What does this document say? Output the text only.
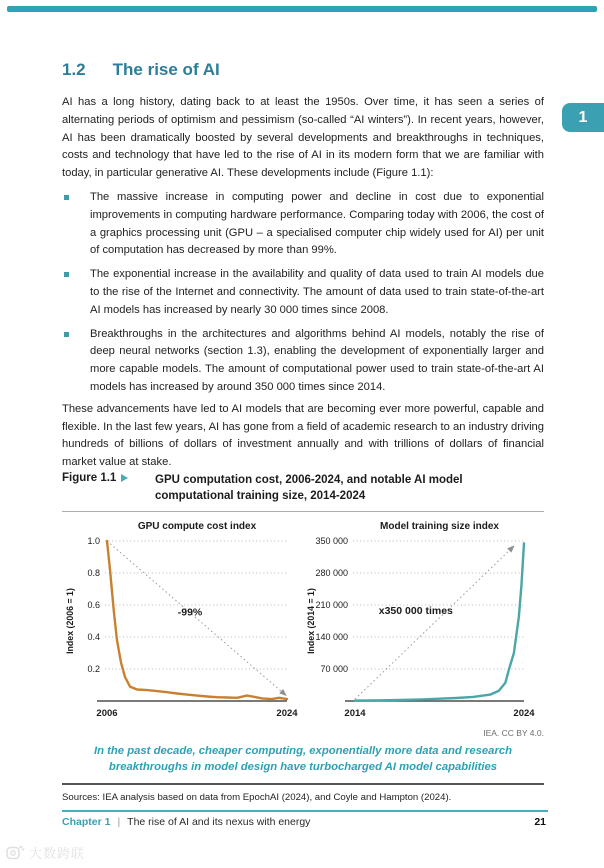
1
1.2 The rise of AI

AI has a long history, dating back to at least the 1950s. Over time, it has seen a series of alternating periods of optimism and pessimism (so-called “AI winters”). In recent years, however, AI has been dramatically boosted by several developments and breakthroughs in techniques, costs and technology that have led to the rise of AI in its modern form that we are familiar with today, in particular generative AI. These developments include (Figure 1.1):

The massive increase in computing power and decline in cost due to exponential improvements in computing hardware performance. Comparing today with 2006, the cost of a graphics processing unit (GPU – a specialised computer chip widely used for AI) per unit of computation has decreased by more than 99%.
The exponential increase in the availability and quality of data used to train AI models due to the rise of the Internet and connectivity. The amount of data used to train state-of-the-art AI models has increased by nearly 30 000 times since 2008.
Breakthroughs in the architectures and algorithms behind AI models, notably the rise of deep neural networks (section 1.3), enabling the development of exponentially larger and more capable models. The amount of computational power used to train state-of-the-art AI models has increased by around 350 000 times since 2014.

These advancements have led to AI models that are becoming ever more powerful, capable and flexible. In the last few years, AI has gone from a field of academic research to an industry driving hundreds of billions of dollars of investment annually and with trillions of dollars of financial market value at stake.

Figure 1.1	GPU computation cost, 2006-2024, and notable AI model computational training size, 2014-2024
GPU compute cost index
Index (2006 = 1)
1.0
0.8
0.6
0.4
0.2
2006	2024
-99%
Model training size index
Index (2014 = 1)
350 000
280 000
210 000
140 000
70 000
2014	2024
x350 000 times
IEA. CC BY 4.0.
In the past decade, cheaper computing, exponentially more data and research breakthroughs in model design have turbocharged AI model capabilities
Sources: IEA analysis based on data from EpochAI (2024), and Coyle and Hampton (2024).
Chapter 1 | The rise of AI and its nexus with energy	21
大数跨联
